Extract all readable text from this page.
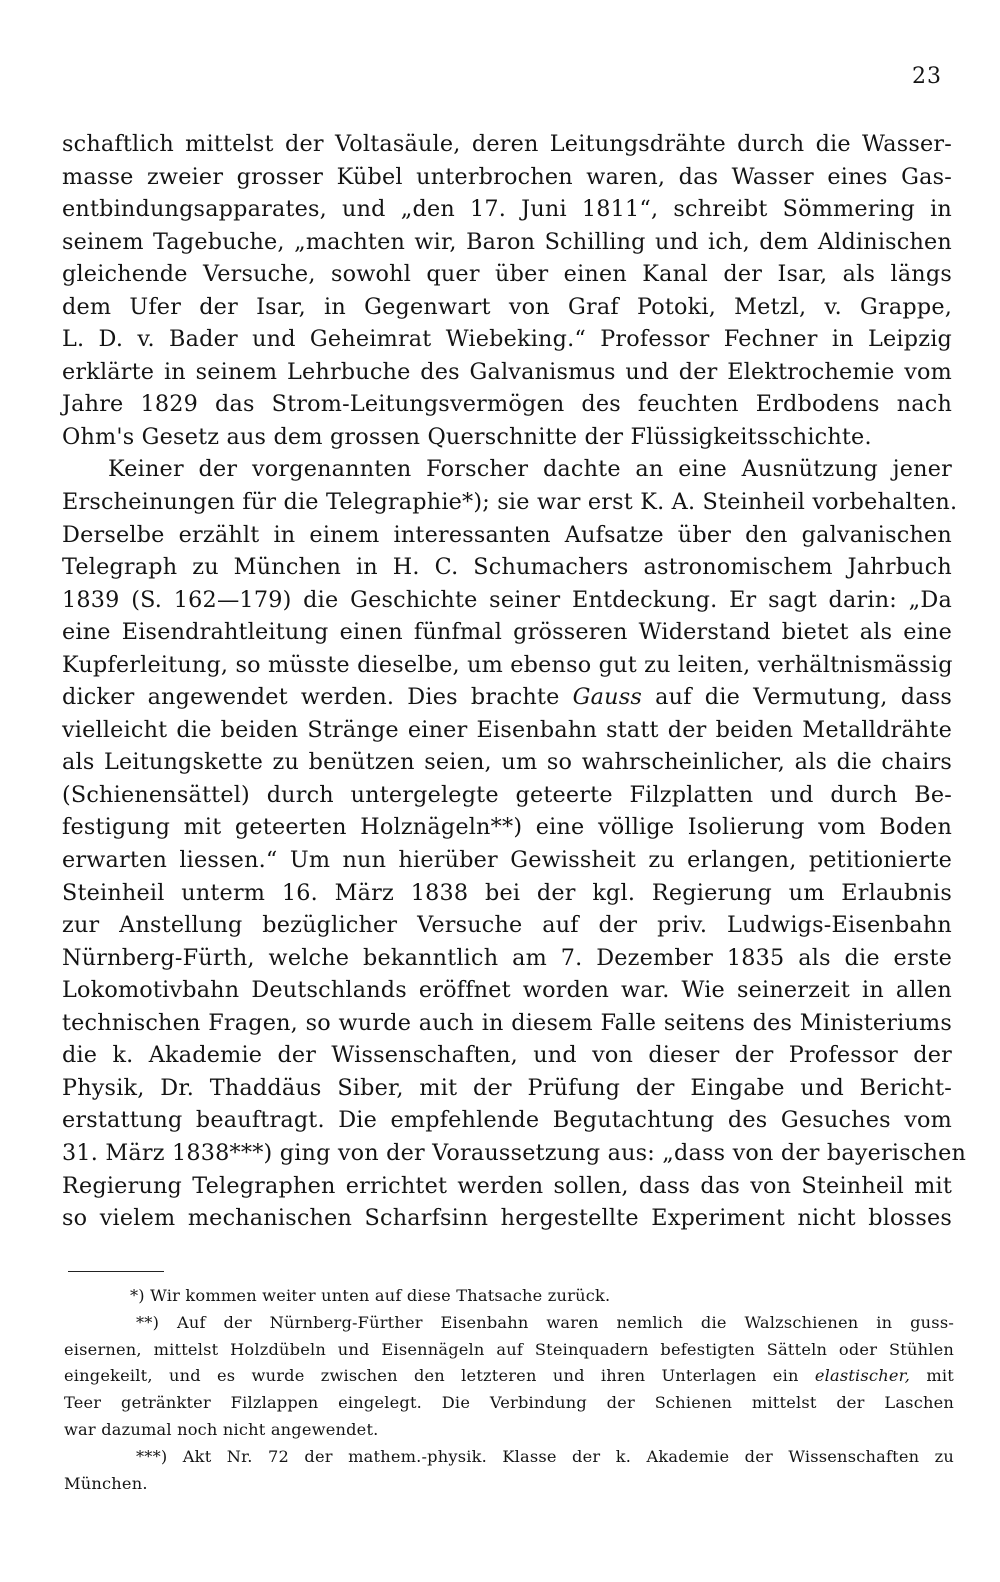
23
schaftlich mittelst der Voltasäule, deren Leitungsdrähte durch die Wasser-
masse zweier grosser Kübel unterbrochen waren, das Wasser eines Gas-
entbindungsapparates, und „den 17. Juni 1811“, schreibt Sömmering in
seinem Tagebuche, „machten wir, Baron Schilling und ich, dem Aldinischen
gleichende Versuche, sowohl quer über einen Kanal der Isar, als längs
dem Ufer der Isar, in Gegenwart von Graf Potoki, Metzl, v. Grappe,
L. D. v. Bader und Geheimrat Wiebeking.“ Professor Fechner in Leipzig
erklärte in seinem Lehrbuche des Galvanismus und der Elektrochemie vom
Jahre 1829 das Strom-Leitungsvermögen des feuchten Erdbodens nach
Ohm's Gesetz aus dem grossen Querschnitte der Flüssigkeitsschichte.
Keiner der vorgenannten Forscher dachte an eine Ausnützung jener
Erscheinungen für die Telegraphie*); sie war erst K. A. Steinheil vorbehalten.
Derselbe erzählt in einem interessanten Aufsatze über den galvanischen
Telegraph zu München in H. C. Schumachers astronomischem Jahrbuch
1839 (S. 162—179) die Geschichte seiner Entdeckung. Er sagt darin: „Da
eine Eisendrahtleitung einen fünfmal grösseren Widerstand bietet als eine
Kupferleitung, so müsste dieselbe, um ebenso gut zu leiten, verhältnismässig
dicker angewendet werden. Dies brachte Gauss auf die Vermutung, dass
vielleicht die beiden Stränge einer Eisenbahn statt der beiden Metalldrähte
als Leitungskette zu benützen seien, um so wahrscheinlicher, als die chairs
(Schienensättel) durch untergelegte geteerte Filzplatten und durch Be-
festigung mit geteerten Holznägeln**) eine völlige Isolierung vom Boden
erwarten liessen.“ Um nun hierüber Gewissheit zu erlangen, petitionierte
Steinheil unterm 16. März 1838 bei der kgl. Regierung um Erlaubnis
zur Anstellung bezüglicher Versuche auf der priv. Ludwigs-Eisenbahn
Nürnberg-Fürth, welche bekanntlich am 7. Dezember 1835 als die erste
Lokomotivbahn Deutschlands eröffnet worden war. Wie seinerzeit in allen
technischen Fragen, so wurde auch in diesem Falle seitens des Ministeriums
die k. Akademie der Wissenschaften, und von dieser der Professor der
Physik, Dr. Thaddäus Siber, mit der Prüfung der Eingabe und Bericht-
erstattung beauftragt. Die empfehlende Begutachtung des Gesuches vom
31. März 1838***) ging von der Voraussetzung aus: „dass von der bayerischen
Regierung Telegraphen errichtet werden sollen, dass das von Steinheil mit
so vielem mechanischen Scharfsinn hergestellte Experiment nicht blosses
*) Wir kommen weiter unten auf diese Thatsache zurück.
**) Auf der Nürnberg-Fürther Eisenbahn waren nemlich die Walzschienen in guss-
eisernen, mittelst Holzdübeln und Eisennägeln auf Steinquadern befestigten Sätteln oder Stühlen
eingekeilt, und es wurde zwischen den letzteren und ihren Unterlagen ein elastischer, mit
Teer getränkter Filzlappen eingelegt. Die Verbindung der Schienen mittelst der Laschen
war dazumal noch nicht angewendet.
***) Akt Nr. 72 der mathem.-physik. Klasse der k. Akademie der Wissenschaften zu
München.
